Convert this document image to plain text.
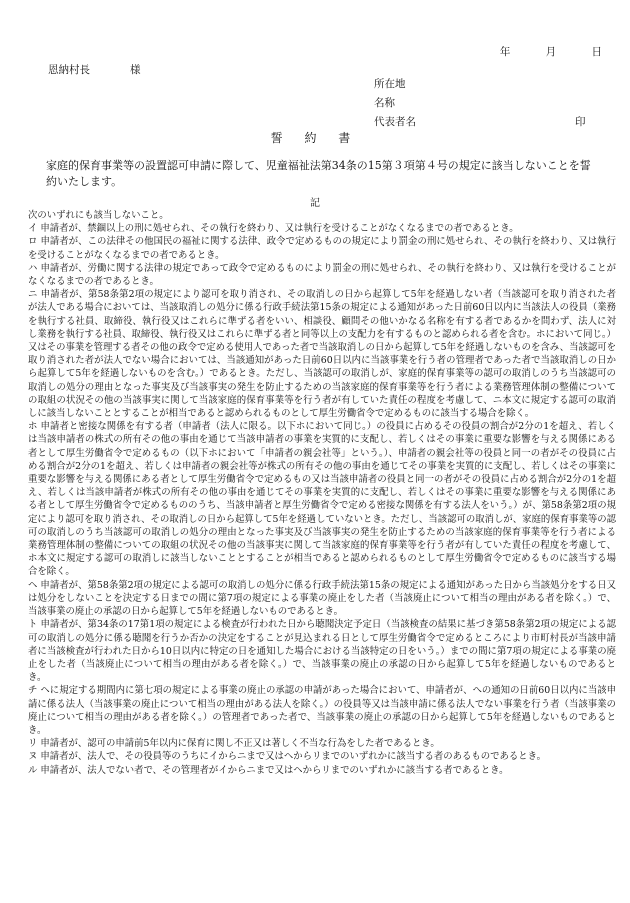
年	月	日
恩納村長	様
所在地
名称
代表者名	印
誓 約 書
家庭的保育事業等の設置認可申請に際して、児童福祉法第34条の15第３項第４号の規定に該当しないことを誓約いたします。
記

次のいずれにも該当しないこと。

イ 申請者が、禁錮以上の刑に処せられ、その執行を終わり、又は執行を受けることがなくなるまでの者であるとき。

ロ 申請者が、この法律その他国民の福祉に関する法律、政令で定めるものの規定により罰金の刑に処せられ、その執行を終わり、又は執行を受けることがなくなるまでの者であるとき。

ハ 申請者が、労働に関する法律の規定であって政令で定めるものにより罰金の刑に処せられ、その執行を終わり、又は執行を受けることがなくなるまでの者であるとき。

ニ 申請者が、第58条第2項の規定により認可を取り消され、その取消しの日から起算して5年を経過しない者（当該認可を取り消された者が法人である場合においては、当該取消しの処分に係る行政手続法第15条の規定による通知があった日前60日以内に当該法人の役員（業務を執行する社員、取締役、執行役又はこれらに準ずる者をいい、相談役、顧問その他いかなる名称を有する者であるかを問わず、法人に対し業務を執行する社員、取締役、執行役又はこれらに準ずる者と同等以上の支配力を有するものと認められる者を含む。ホにおいて同じ。）又はその事業を管理する者その他の政令で定める使用人であった者で当該取消しの日から起算して5年を経過しないものを含み、当該認可を取り消された者が法人でない場合においては、当該通知があった日前60日以内に当該事業を行う者の管理者であった者で当該取消しの日から起算して5年を経過しないものを含む。）であるとき。ただし、当該認可の取消しが、家庭的保育事業等の認可の取消しのうち当該認可の取消しの処分の理由となった事実及び当該事実の発生を防止するための当該家庭的保育事業等を行う者による業務管理体制の整備についての取組の状況その他の当該事実に関して当該家庭的保育事業等を行う者が有していた責任の程度を考慮して、ニ本文に規定する認可の取消しに該当しないこととすることが相当であると認められるものとして厚生労働省令で定めるものに該当する場合を除く。

ホ 申請者と密接な関係を有する者（申請者（法人に限る。以下ホにおいて同じ。）の役員に占めるその役員の割合が2分の1を超え、若しくは当該申請者の株式の所有その他の事由を通じて当該申請者の事業を実質的に支配し、若しくはその事業に重要な影響を与える関係にある者として厚生労働省令で定めるもの（以下ホにおいて「申請者の親会社等」という。）、申請者の親会社等の役員と同一の者がその役員に占める割合が2分の1を超え、若しくは申請者の親会社等が株式の所有その他の事由を通じてその事業を実質的に支配し、若しくはその事業に重要な影響を与える関係にある者として厚生労働省令で定めるもの又は当該申請者の役員と同一の者がその役員に占める割合が2分の1を超え、若しくは当該申請者が株式の所有その他の事由を通じてその事業を実質的に支配し、若しくはその事業に重要な影響を与える関係にある者として厚生労働省令で定めるもののうち、当該申請者と厚生労働省令で定める密接な関係を有する法人をいう。）が、第58条第2項の規定により認可を取り消され、その取消しの日から起算して5年を経過していないとき。ただし、当該認可の取消しが、家庭的保育事業等の認可の取消しのうち当該認可の取消しの処分の理由となった事実及び当該事実の発生を防止するための当該家庭的保育事業等を行う者による業務管理体制の整備についての取組の状況その他の当該事実に関して当該家庭的保育事業等を行う者が有していた責任の程度を考慮して、ホ本文に規定する認可の取消しに該当しないこととすることが相当であると認められるものとして厚生労働省令で定めるものに該当する場合を除く。

ヘ 申請者が、第58条第2項の規定による認可の取消しの処分に係る行政手続法第15条の規定による通知があった日から当該処分をする日又は処分をしないことを決定する日までの間に第7項の規定による事業の廃止をした者（当該廃止について相当の理由がある者を除く。）で、当該事業の廃止の承認の日から起算して5年を経過しないものであるとき。

ト 申請者が、第34条の17第1項の規定による検査が行われた日から聴聞決定予定日（当該検査の結果に基づき第58条第2項の規定による認可の取消しの処分に係る聴聞を行うか否かの決定をすることが見込まれる日として厚生労働省令で定めるところにより市町村長が当該申請者に当該検査が行われた日から10日以内に特定の日を通知した場合における当該特定の日をいう。）までの間に第7項の規定による事業の廃止をした者（当該廃止について相当の理由がある者を除く。）で、当該事業の廃止の承認の日から起算して5年を経過しないものであるとき。

チ ヘに規定する期間内に第七項の規定による事業の廃止の承認の申請があった場合において、申請者が、への通知の日前60日以内に当該申請に係る法人（当該事業の廃止について相当の理由がある法人を除く。）の役員等又は当該申請に係る法人でない事業を行う者（当該事業の廃止について相当の理由がある者を除く。）の管理者であった者で、当該事業の廃止の承認の日から起算して5年を経過しないものであるとき。

リ 申請者が、認可の申請前5年以内に保育に関し不正又は著しく不当な行為をした者であるとき。

ヌ 申請者が、法人で、その役員等のうちにイからニまで又はヘからリまでのいずれかに該当する者のあるものであるとき。

ル 申請者が、法人でない者で、その管理者がイからニまで又はヘからリまでのいずれかに該当する者であるとき。
